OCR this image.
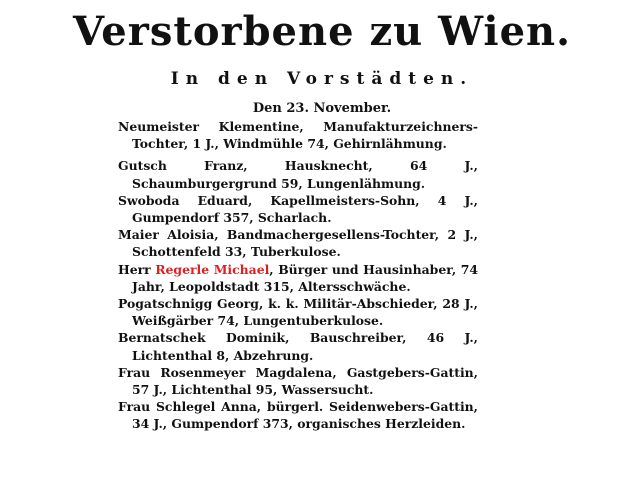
Verstorbene zu Wien.
In den Vorstädten.
Den 23. November.

Neumeister Klementine, Manufakturzeichners-Tochter, 1 J., Windmühle 74, Gehirnlähmung.

Gutsch Franz, Hausknecht, 64 J., Schaumburgergrund 59, Lungenlähmung.

Swoboda Eduard, Kapellmeisters-Sohn, 4 J., Gumpendorf 357, Scharlach.

Maier Aloisia, Bandmachergesellens-Tochter, 2 J., Schottenfeld 33, Tuberkulose.

Herr Regerle Michael, Bürger und Hausinhaber, 74 Jahr, Leopoldstadt 315, Altersschwäche.

Pogatschnigg Georg, k. k. Militär-Abschieder, 28 J., Weißgärber 74, Lungentuberkulose.

Bernatschek Dominik, Bauschreiber, 46 J., Lichtenthal 8, Abzehrung.

Frau Rosenmeyer Magdalena, Gastgebers-Gattin, 57 J., Lichtenthal 95, Wassersucht.

Frau Schlegel Anna, bürgerl. Seidenwebers-Gattin, 34 J., Gumpendorf 373, organisches Herzleiden.
